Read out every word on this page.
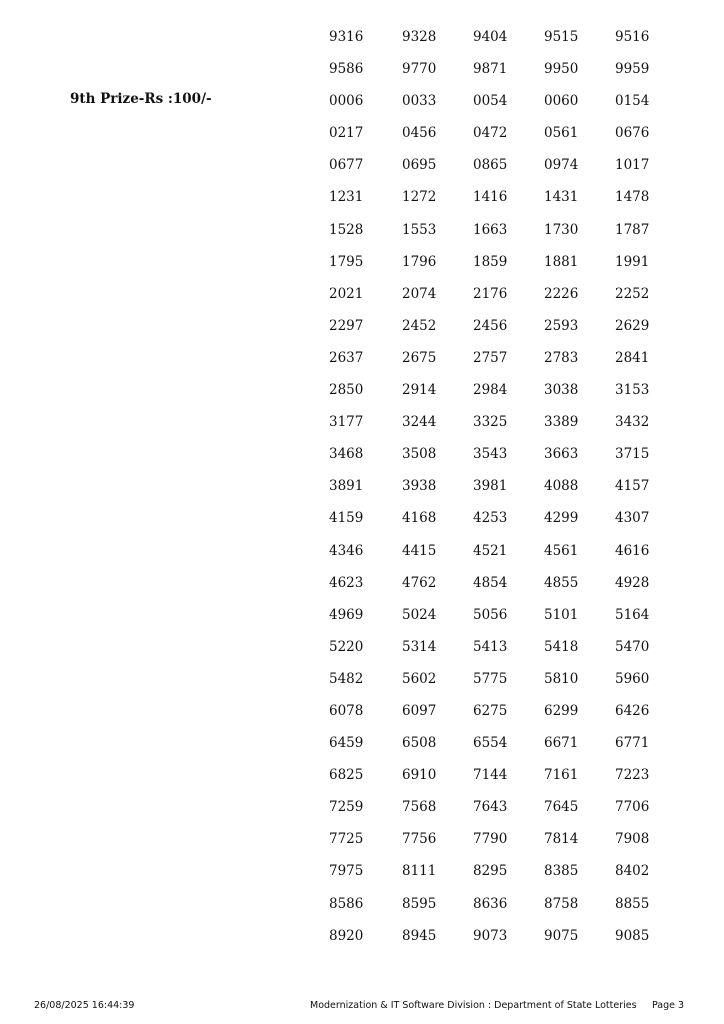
9th Prize-Rs :100/-
9316	9328	9404	9515	9516
9586	9770	9871	9950	9959
0006	0033	0054	0060	0154
0217	0456	0472	0561	0676
0677	0695	0865	0974	1017
1231	1272	1416	1431	1478
1528	1553	1663	1730	1787
1795	1796	1859	1881	1991
2021	2074	2176	2226	2252
2297	2452	2456	2593	2629
2637	2675	2757	2783	2841
2850	2914	2984	3038	3153
3177	3244	3325	3389	3432
3468	3508	3543	3663	3715
3891	3938	3981	4088	4157
4159	4168	4253	4299	4307
4346	4415	4521	4561	4616
4623	4762	4854	4855	4928
4969	5024	5056	5101	5164
5220	5314	5413	5418	5470
5482	5602	5775	5810	5960
6078	6097	6275	6299	6426
6459	6508	6554	6671	6771
6825	6910	7144	7161	7223
7259	7568	7643	7645	7706
7725	7756	7790	7814	7908
7975	8111	8295	8385	8402
8586	8595	8636	8758	8855
8920	8945	9073	9075	9085
26/08/2025 16:44:39	Modernization & IT Software Division : Department of State Lotteries Page 3
